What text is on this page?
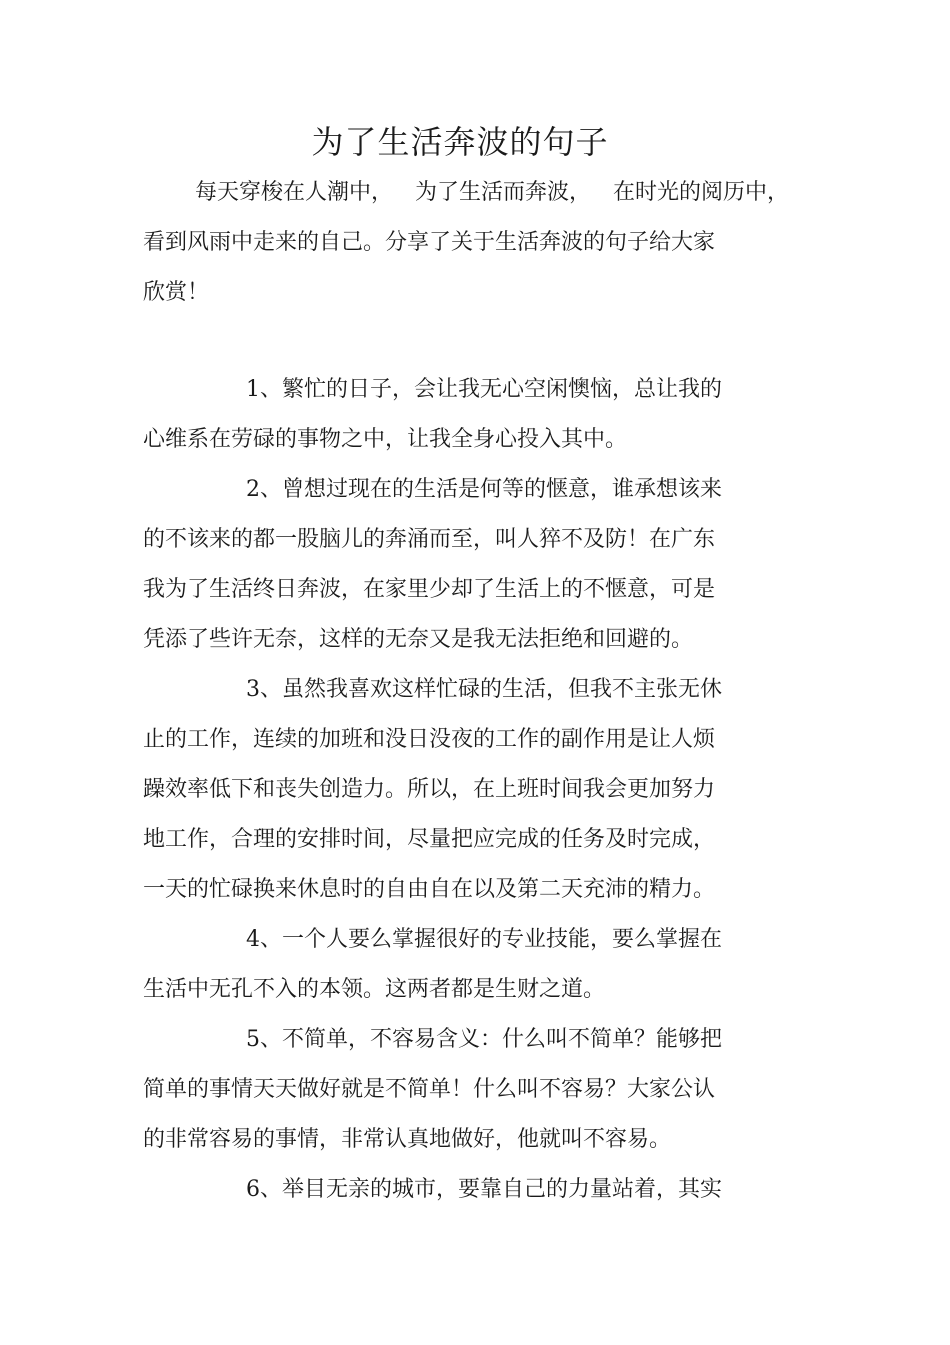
为了生活奔波的句子
每天穿梭在人潮中， 为了生活而奔波， 在时光的阅历中，
看到风雨中走来的自己。分享了关于生活奔波的句子给大家
欣赏！
1、繁忙的日子，会让我无心空闲懊恼，总让我的
心维系在劳碌的事物之中，让我全身心投入其中。
2、曾想过现在的生活是何等的惬意，谁承想该来
的不该来的都一股脑儿的奔涌而至，叫人猝不及防！在广东
我为了生活终日奔波，在家里少却了生活上的不惬意，可是
凭添了些许无奈，这样的无奈又是我无法拒绝和回避的。
3、虽然我喜欢这样忙碌的生活，但我不主张无休
止的工作，连续的加班和没日没夜的工作的副作用是让人烦
躁效率低下和丧失创造力。所以，在上班时间我会更加努力
地工作，合理的安排时间，尽量把应完成的任务及时完成，
一天的忙碌换来休息时的自由自在以及第二天充沛的精力。
4、一个人要么掌握很好的专业技能，要么掌握在
生活中无孔不入的本领。这两者都是生财之道。
5、不简单，不容易含义：什么叫不简单？能够把
简单的事情天天做好就是不简单！什么叫不容易？大家公认
的非常容易的事情，非常认真地做好，他就叫不容易。
6、举目无亲的城市，要靠自己的力量站着，其实
